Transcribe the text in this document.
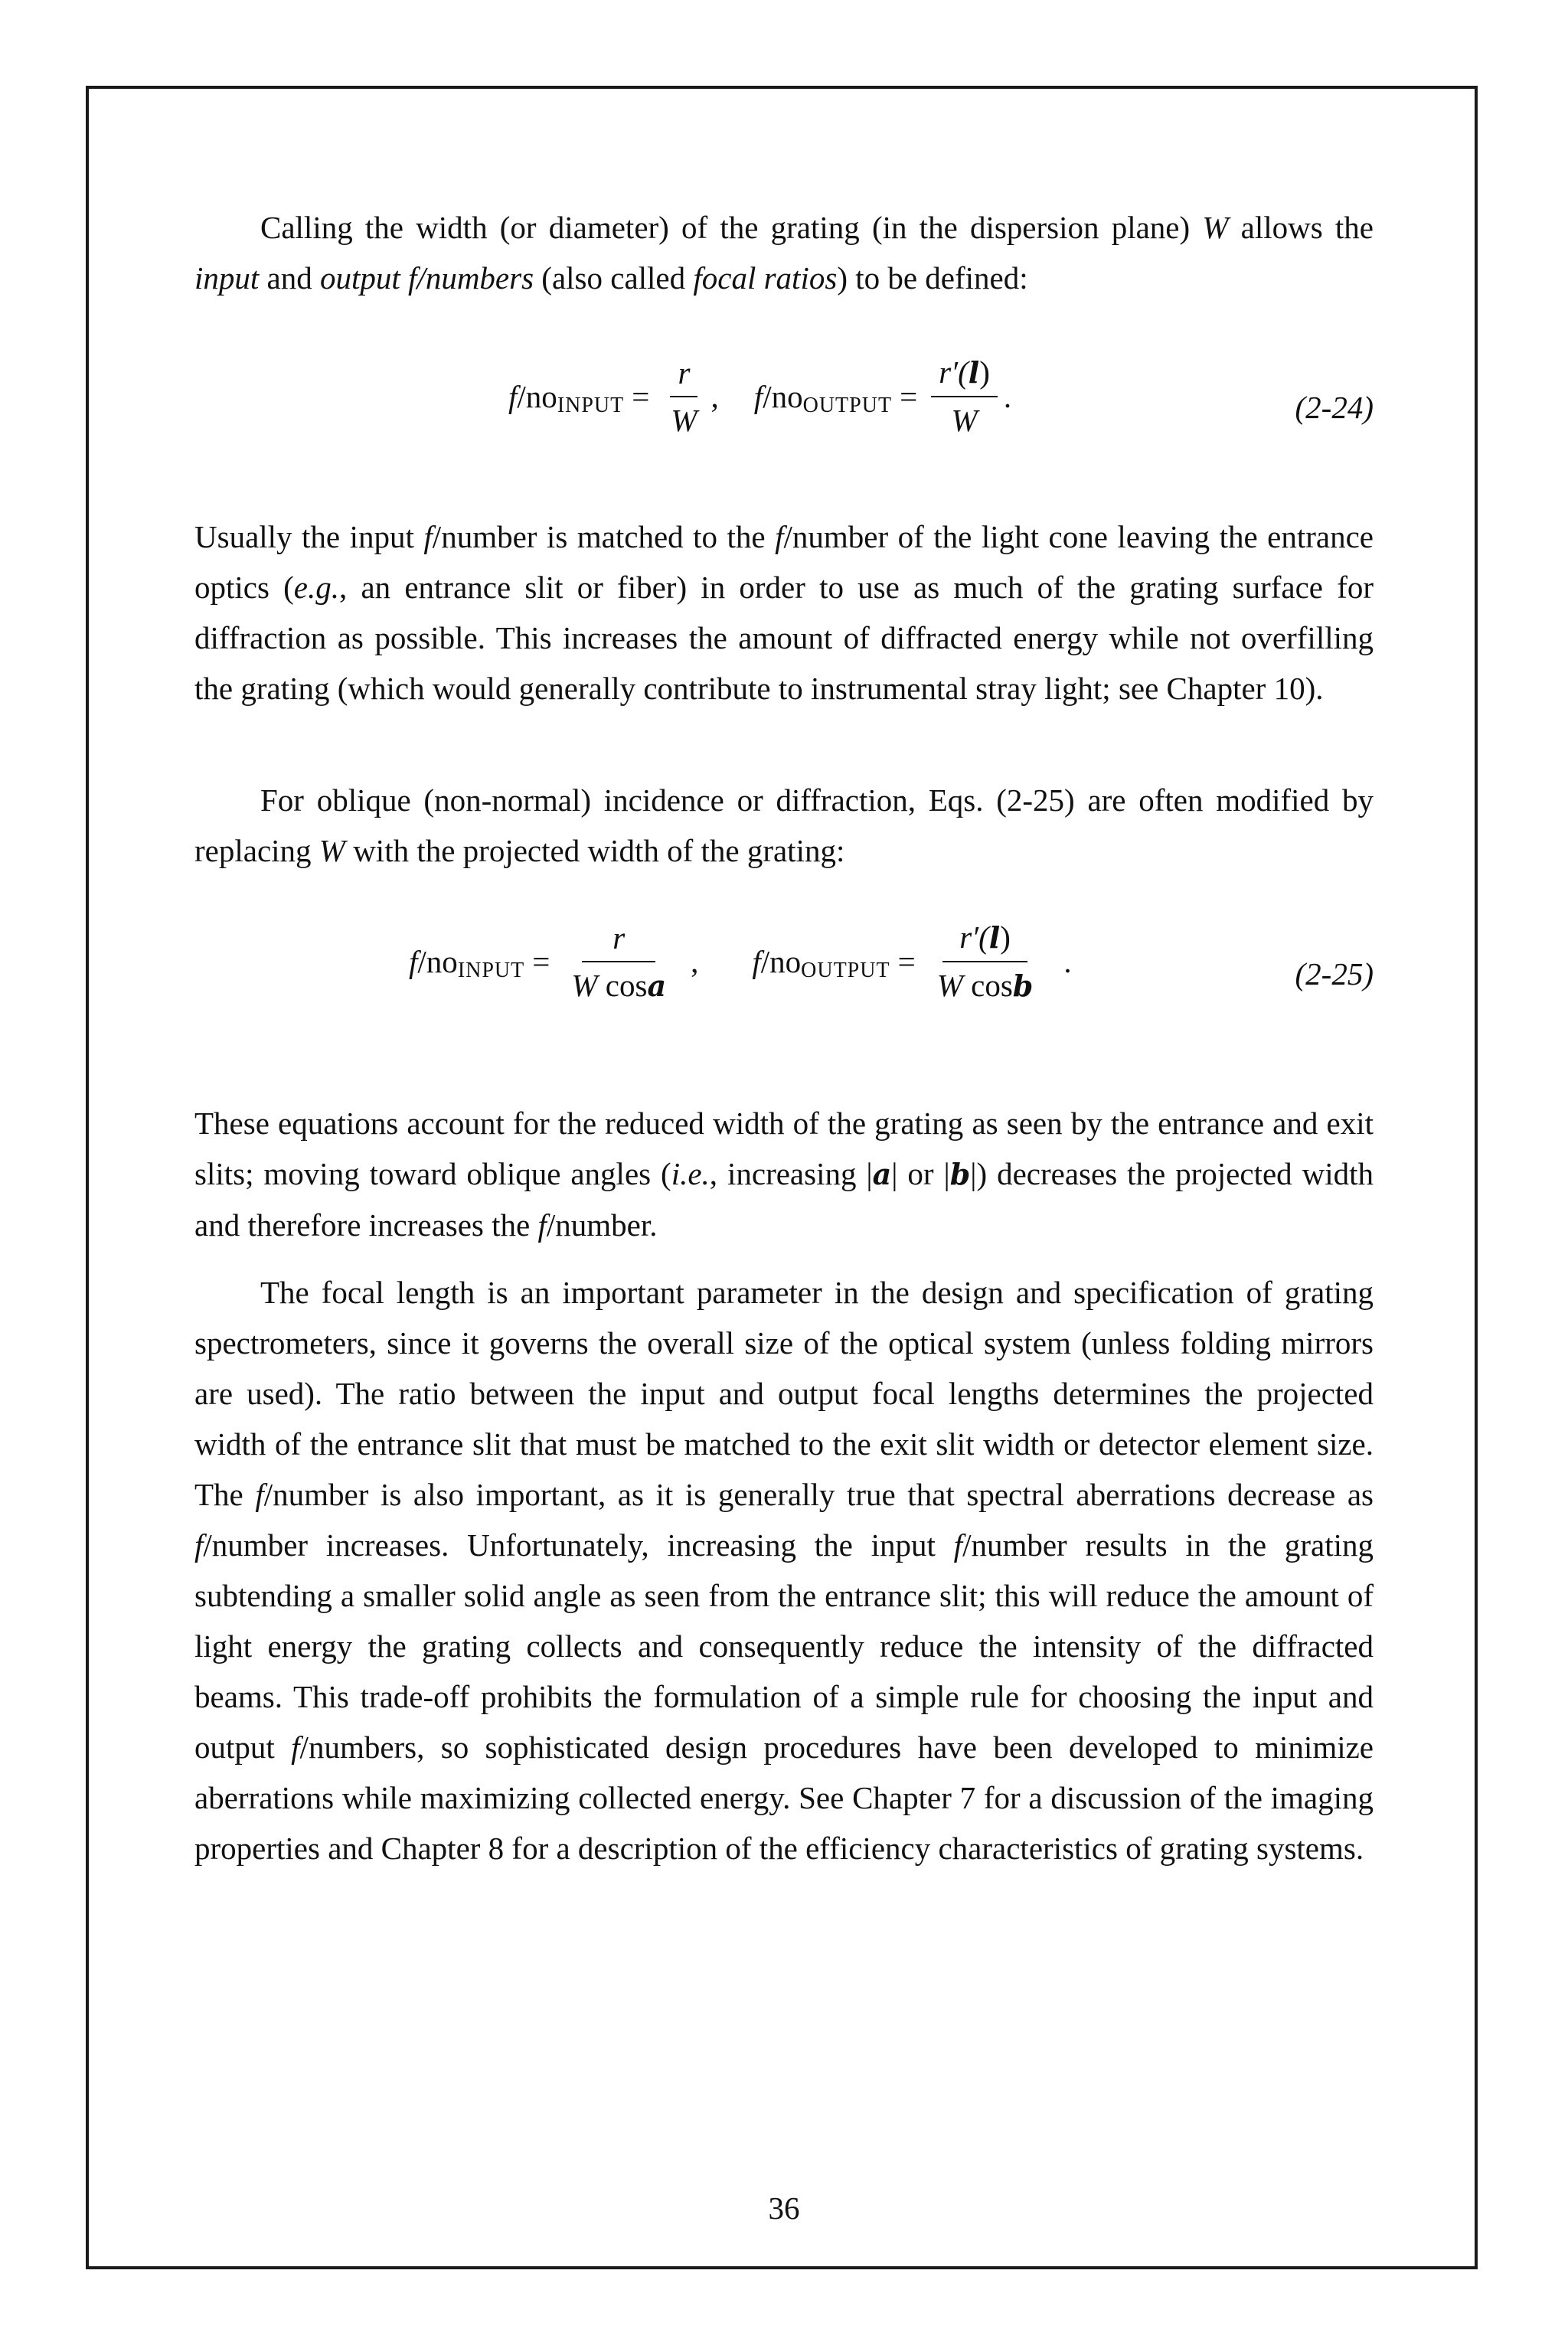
Calling the width (or diameter) of the grating (in the dispersion plane) W allows the input and output f/numbers (also called focal ratios) to be defined:

f /no INPUT = $\frac{r}{W}$ , f /no OUTPUT = $\frac{r'(l)}{W}$ .	(2-24)

Usually the input f/number is matched to the f/number of the light cone leaving the entrance optics (e.g., an entrance slit or fiber) in order to use as much of the grating surface for diffraction as possible. This increases the amount of diffracted energy while not overfilling the grating (which would generally contribute to instrumental stray light; see Chapter 10).

For oblique (non-normal) incidence or diffraction, Eqs. (2-25) are often modified by replacing W with the projected width of the grating:

f /no INPUT = $\frac{r}{\text{W cosa}}$ , f /no OUTPUT = $\frac{r'(l)}{\text{W cosb}}$ .	(2-25)

These equations account for the reduced width of the grating as seen by the entrance and exit slits; moving toward oblique angles (i.e., increasing |a| or |b|) decreases the projected width and therefore increases the f/number.

The focal length is an important parameter in the design and specification of grating spectrometers, since it governs the overall size of the optical system (unless folding mirrors are used). The ratio between the input and output focal lengths determines the projected width of the entrance slit that must be matched to the exit slit width or detector element size. The f/number is also important, as it is generally true that spectral aberrations decrease as f/number increases. Unfortunately, increasing the input f/number results in the grating subtending a smaller solid angle as seen from the entrance slit; this will reduce the amount of light energy the grating collects and consequently reduce the intensity of the diffracted beams. This trade-off prohibits the formulation of a simple rule for choosing the input and output f/numbers, so sophisticated design procedures have been developed to minimize aberrations while maximizing collected energy. See Chapter 7 for a discussion of the imaging properties and Chapter 8 for a description of the efficiency characteristics of grating systems.

36
